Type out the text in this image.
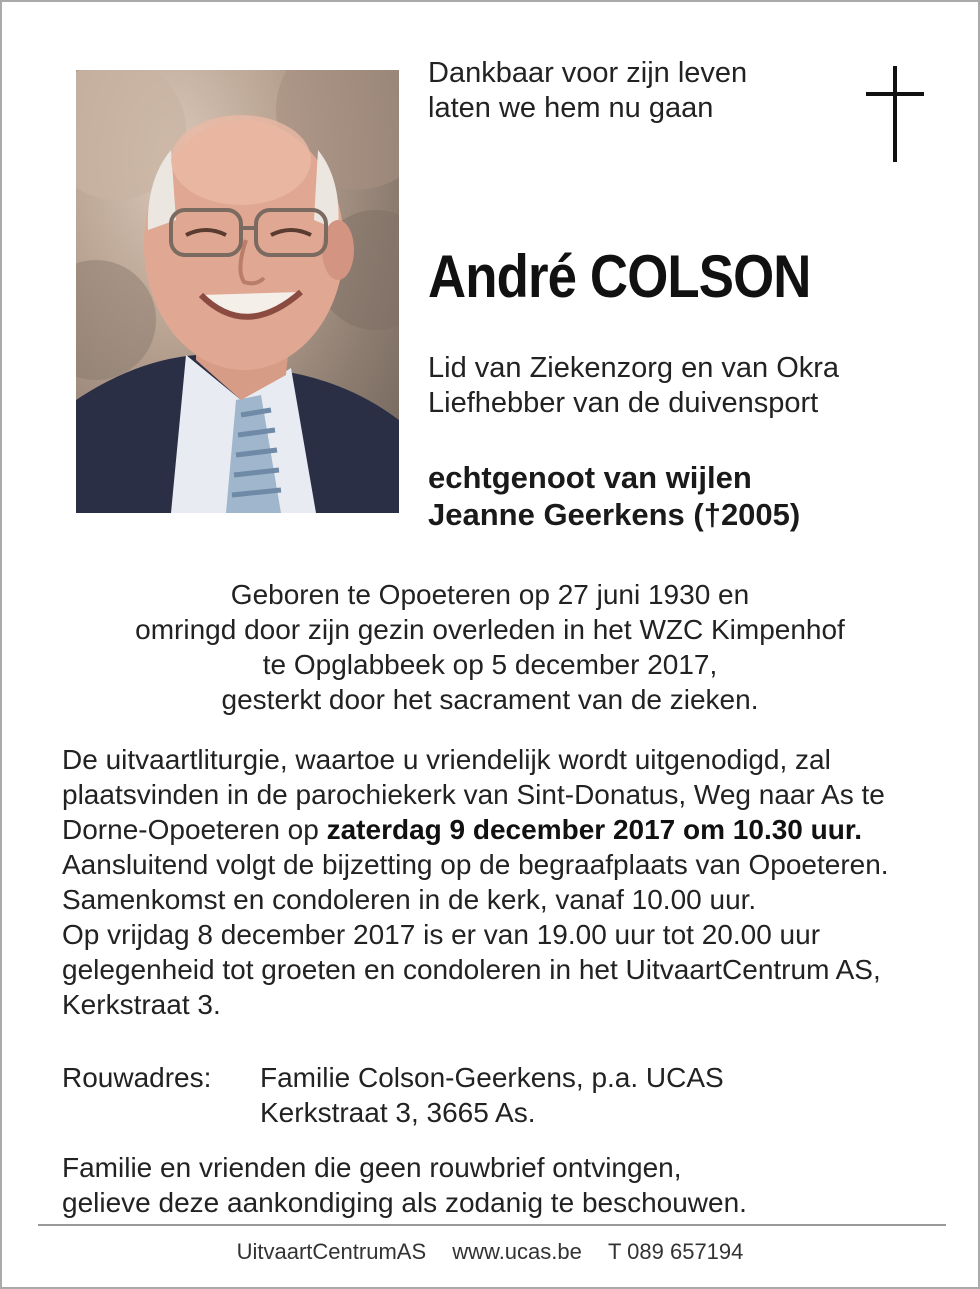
Dankbaar voor zijn leven
laten we hem nu gaan
André COLSON
Lid van Ziekenzorg en van Okra
Liefhebber van de duivensport
echtgenoot van wijlen
Jeanne Geerkens (†2005)
Geboren te Opoeteren op 27 juni 1930 en
omringd door zijn gezin overleden in het WZC Kimpenhof
te Opglabbeek op 5 december 2017,
gesterkt door het sacrament van de zieken.

De uitvaartliturgie, waartoe u vriendelijk wordt uitgenodigd, zal plaatsvinden in de parochiekerk van Sint-Donatus, Weg naar As te Dorne-Opoeteren op zaterdag 9 december 2017 om 10.30 uur. Aansluitend volgt de bijzetting op de begraafplaats van Opoeteren.

Samenkomst en condoleren in de kerk, vanaf 10.00 uur.

Op vrijdag 8 december 2017 is er van 19.00 uur tot 20.00 uur gelegenheid tot groeten en condoleren in het UitvaartCentrum AS, Kerkstraat 3.

Rouwadres: Familie Colson-Geerkens, p.a. UCAS
Kerkstraat 3, 3665 As.
Familie en vrienden die geen rouwbrief ontvingen,
gelieve deze aankondiging als zodanig te beschouwen.
UitvaartCentrumAS www.ucas.be T 089 657194
